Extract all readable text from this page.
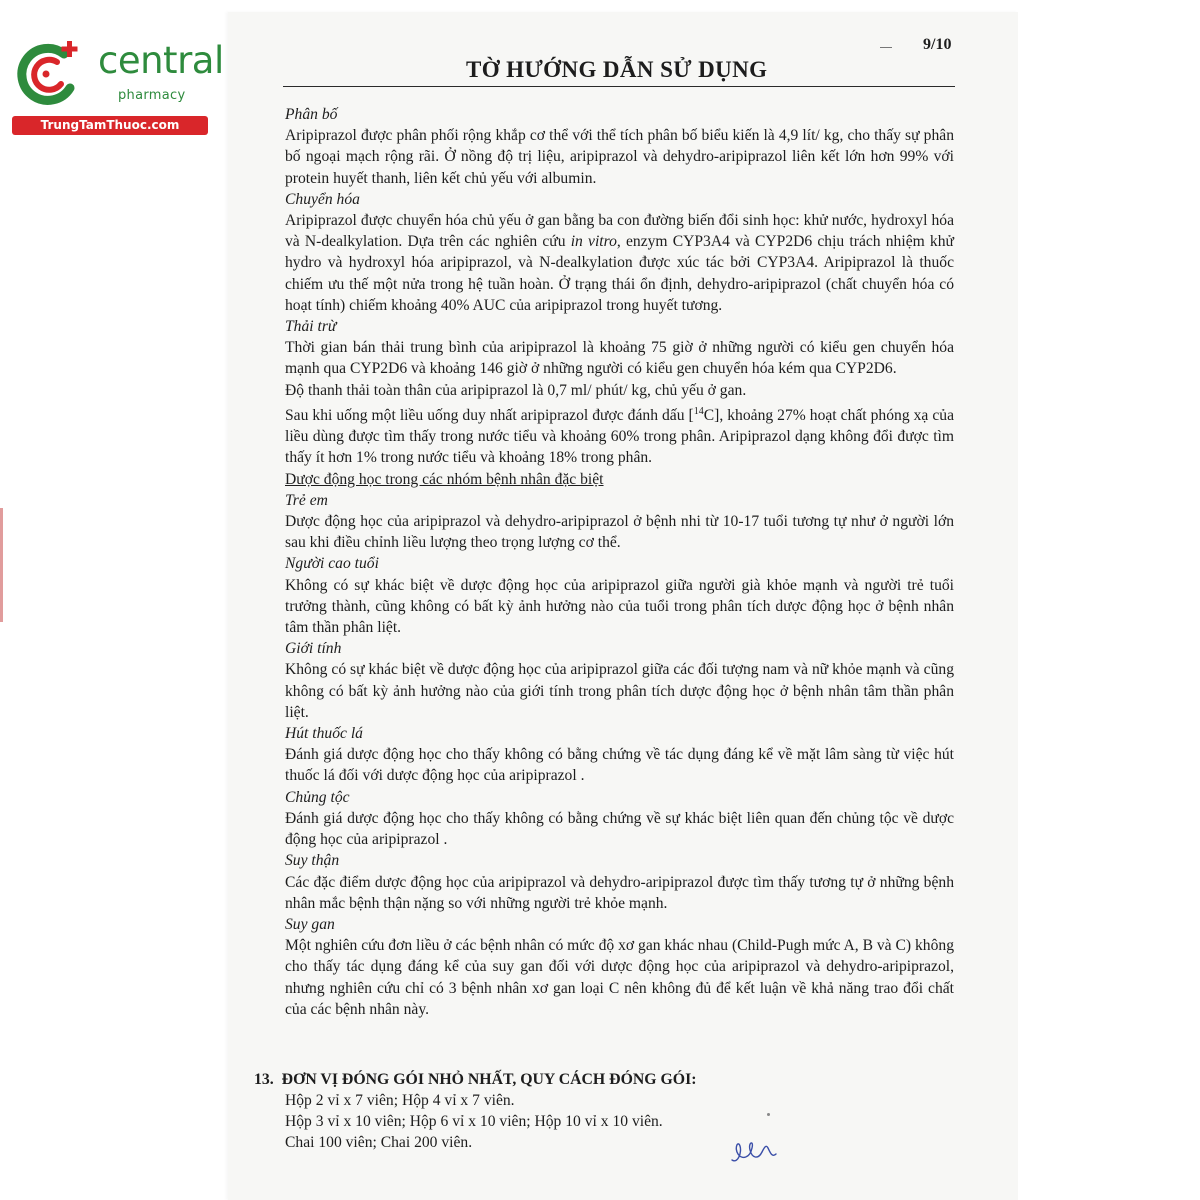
central
pharmacy
TrungTamThuoc.com
9/10
TỜ HƯỚNG DẪN SỬ DỤNG

Phân bố

Aripiprazol được phân phối rộng khắp cơ thể với thể tích phân bố biểu kiến là 4,9 lít/ kg, cho thấy sự phân bố ngoại mạch rộng rãi. Ở nồng độ trị liệu, aripiprazol và dehydro-aripiprazol liên kết lớn hơn 99% với protein huyết thanh, liên kết chủ yếu với albumin.

Chuyển hóa

Aripiprazol được chuyển hóa chủ yếu ở gan bằng ba con đường biến đổi sinh học: khử nước, hydroxyl hóa và N-dealkylation. Dựa trên các nghiên cứu in vitro, enzym CYP3A4 và CYP2D6 chịu trách nhiệm khử hydro và hydroxyl hóa aripiprazol, và N-dealkylation được xúc tác bởi CYP3A4. Aripiprazol là thuốc chiếm ưu thế một nửa trong hệ tuần hoàn. Ở trạng thái ổn định, dehydro-aripiprazol (chất chuyển hóa có hoạt tính) chiếm khoảng 40% AUC của aripiprazol trong huyết tương.

Thải trừ

Thời gian bán thải trung bình của aripiprazol là khoảng 75 giờ ở những người có kiểu gen chuyển hóa mạnh qua CYP2D6 và khoảng 146 giờ ở những người có kiểu gen chuyển hóa kém qua CYP2D6.

Độ thanh thải toàn thân của aripiprazol là 0,7 ml/ phút/ kg, chủ yếu ở gan.

Sau khi uống một liều uống duy nhất aripiprazol được đánh dấu [$^{14}$C], khoảng 27% hoạt chất phóng xạ của liều dùng được tìm thấy trong nước tiểu và khoảng 60% trong phân. Aripiprazol dạng không đổi được tìm thấy ít hơn 1% trong nước tiểu và khoảng 18% trong phân.

Dược động học trong các nhóm bệnh nhân đặc biệt

Trẻ em

Dược động học của aripiprazol và dehydro-aripiprazol ở bệnh nhi từ 10-17 tuổi tương tự như ở người lớn sau khi điều chỉnh liều lượng theo trọng lượng cơ thể.

Người cao tuổi

Không có sự khác biệt về dược động học của aripiprazol giữa người già khỏe mạnh và người trẻ tuổi trưởng thành, cũng không có bất kỳ ảnh hưởng nào của tuổi trong phân tích dược động học ở bệnh nhân tâm thần phân liệt.

Giới tính

Không có sự khác biệt về dược động học của aripiprazol giữa các đối tượng nam và nữ khỏe mạnh và cũng không có bất kỳ ảnh hưởng nào của giới tính trong phân tích dược động học ở bệnh nhân tâm thần phân liệt.

Hút thuốc lá

Đánh giá dược động học cho thấy không có bằng chứng về tác dụng đáng kể về mặt lâm sàng từ việc hút thuốc lá đối với dược động học của aripiprazol .

Chủng tộc

Đánh giá dược động học cho thấy không có bằng chứng về sự khác biệt liên quan đến chủng tộc về dược động học của aripiprazol .

Suy thận

Các đặc điểm dược động học của aripiprazol và dehydro-aripiprazol được tìm thấy tương tự ở những bệnh nhân mắc bệnh thận nặng so với những người trẻ khỏe mạnh.

Suy gan

Một nghiên cứu đơn liều ở các bệnh nhân có mức độ xơ gan khác nhau (Child-Pugh mức A, B và C) không cho thấy tác dụng đáng kể của suy gan đối với dược động học của aripiprazol và dehydro-aripiprazol, nhưng nghiên cứu chỉ có 3 bệnh nhân xơ gan loại C nên không đủ để kết luận về khả năng trao đổi chất của các bệnh nhân này.

13. ĐƠN VỊ ĐÓNG GÓI NHỎ NHẤT, QUY CÁCH ĐÓNG GÓI:

Hộp 2 vỉ x 7 viên; Hộp 4 vỉ x 7 viên.

Hộp 3 vỉ x 10 viên; Hộp 6 vỉ x 10 viên; Hộp 10 vỉ x 10 viên.

Chai 100 viên; Chai 200 viên.
